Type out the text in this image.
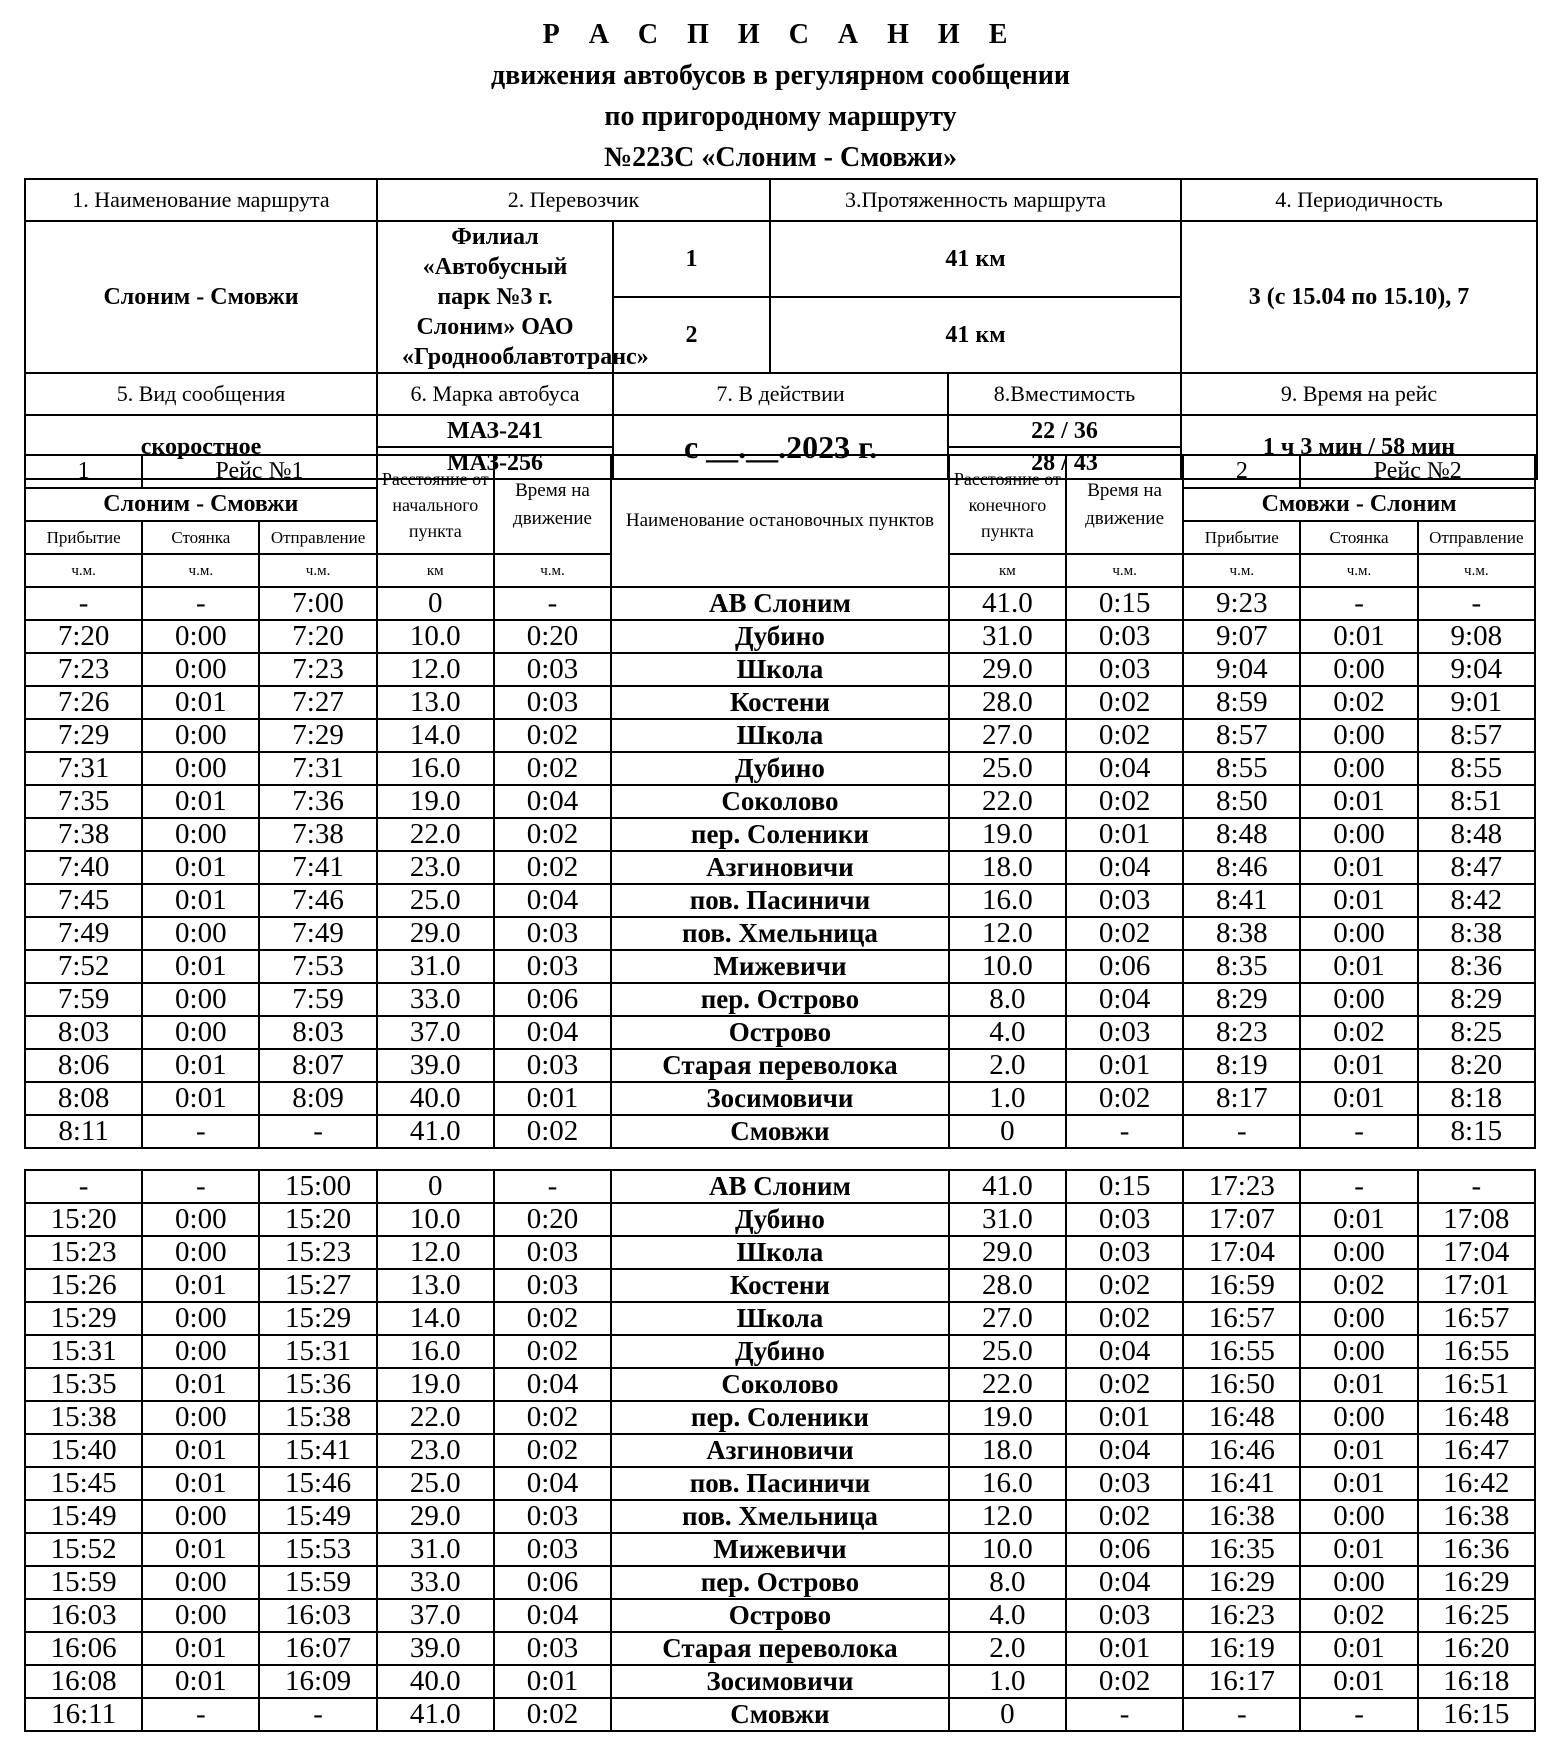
Р А С П И С А Н И Е
движения автобусов в регулярном сообщении
по пригородному маршруту
№223С «Слоним - Смовжи»
1. Наименование маршрута	2. Перевозчик		3.Протяженность маршрута		4. Периодичность
Слоним - Смовжи	Филиал «Автобусный парк №3 г. Слоним» ОАО «Гроднооблавтотранс»	1	41 км		3 (с 15.04 по 15.10), 7
		2	41 км		
5. Вид сообщения	6. Марка автобуса	7. В действии		8.Вместимость	9. Время на рейс
скоростное	МАЗ-241	с __.__.2023 г.		22 / 36	1 ч 3 мин / 58 мин
	МАЗ-256			28 / 43	
1	Рейс №1		Расстояние от начального пункта	Время на движение	Наименование остановочных пунктов	Расстояние от конечного пункта	Время на движение	2	Рейс №2	
Слоним - Смовжи								Смовжи - Слоним		
Прибытие	Стоянка	Отправление						Прибытие	Стоянка	Отправление
ч.м.	ч.м.	ч.м.	км	ч.м.		км	ч.м.	ч.м.	ч.м.	ч.м.
-	-	7:00	0	-	АВ Слоним	41.0	0:15	9:23	-	-
7:20	0:00	7:20	10.0	0:20	Дубино	31.0	0:03	9:07	0:01	9:08
7:23	0:00	7:23	12.0	0:03	Школа	29.0	0:03	9:04	0:00	9:04
7:26	0:01	7:27	13.0	0:03	Костени	28.0	0:02	8:59	0:02	9:01
7:29	0:00	7:29	14.0	0:02	Школа	27.0	0:02	8:57	0:00	8:57
7:31	0:00	7:31	16.0	0:02	Дубино	25.0	0:04	8:55	0:00	8:55
7:35	0:01	7:36	19.0	0:04	Соколово	22.0	0:02	8:50	0:01	8:51
7:38	0:00	7:38	22.0	0:02	пер. Соленики	19.0	0:01	8:48	0:00	8:48
7:40	0:01	7:41	23.0	0:02	Азгиновичи	18.0	0:04	8:46	0:01	8:47
7:45	0:01	7:46	25.0	0:04	пов. Пасиничи	16.0	0:03	8:41	0:01	8:42
7:49	0:00	7:49	29.0	0:03	пов. Хмельница	12.0	0:02	8:38	0:00	8:38
7:52	0:01	7:53	31.0	0:03	Мижевичи	10.0	0:06	8:35	0:01	8:36
7:59	0:00	7:59	33.0	0:06	пер. Острово	8.0	0:04	8:29	0:00	8:29
8:03	0:00	8:03	37.0	0:04	Острово	4.0	0:03	8:23	0:02	8:25
8:06	0:01	8:07	39.0	0:03	Старая переволока	2.0	0:01	8:19	0:01	8:20
8:08	0:01	8:09	40.0	0:01	Зосимовичи	1.0	0:02	8:17	0:01	8:18
8:11	-	-	41.0	0:02	Смовжи	0	-	-	-	8:15

-	-	15:00	0	-	АВ Слоним	41.0	0:15	17:23	-	-
15:20	0:00	15:20	10.0	0:20	Дубино	31.0	0:03	17:07	0:01	17:08
15:23	0:00	15:23	12.0	0:03	Школа	29.0	0:03	17:04	0:00	17:04
15:26	0:01	15:27	13.0	0:03	Костени	28.0	0:02	16:59	0:02	17:01
15:29	0:00	15:29	14.0	0:02	Школа	27.0	0:02	16:57	0:00	16:57
15:31	0:00	15:31	16.0	0:02	Дубино	25.0	0:04	16:55	0:00	16:55
15:35	0:01	15:36	19.0	0:04	Соколово	22.0	0:02	16:50	0:01	16:51
15:38	0:00	15:38	22.0	0:02	пер. Соленики	19.0	0:01	16:48	0:00	16:48
15:40	0:01	15:41	23.0	0:02	Азгиновичи	18.0	0:04	16:46	0:01	16:47
15:45	0:01	15:46	25.0	0:04	пов. Пасиничи	16.0	0:03	16:41	0:01	16:42
15:49	0:00	15:49	29.0	0:03	пов. Хмельница	12.0	0:02	16:38	0:00	16:38
15:52	0:01	15:53	31.0	0:03	Мижевичи	10.0	0:06	16:35	0:01	16:36
15:59	0:00	15:59	33.0	0:06	пер. Острово	8.0	0:04	16:29	0:00	16:29
16:03	0:00	16:03	37.0	0:04	Острово	4.0	0:03	16:23	0:02	16:25
16:06	0:01	16:07	39.0	0:03	Старая переволока	2.0	0:01	16:19	0:01	16:20
16:08	0:01	16:09	40.0	0:01	Зосимовичи	1.0	0:02	16:17	0:01	16:18
16:11	-	-	41.0	0:02	Смовжи	0	-	-	-	16:15
